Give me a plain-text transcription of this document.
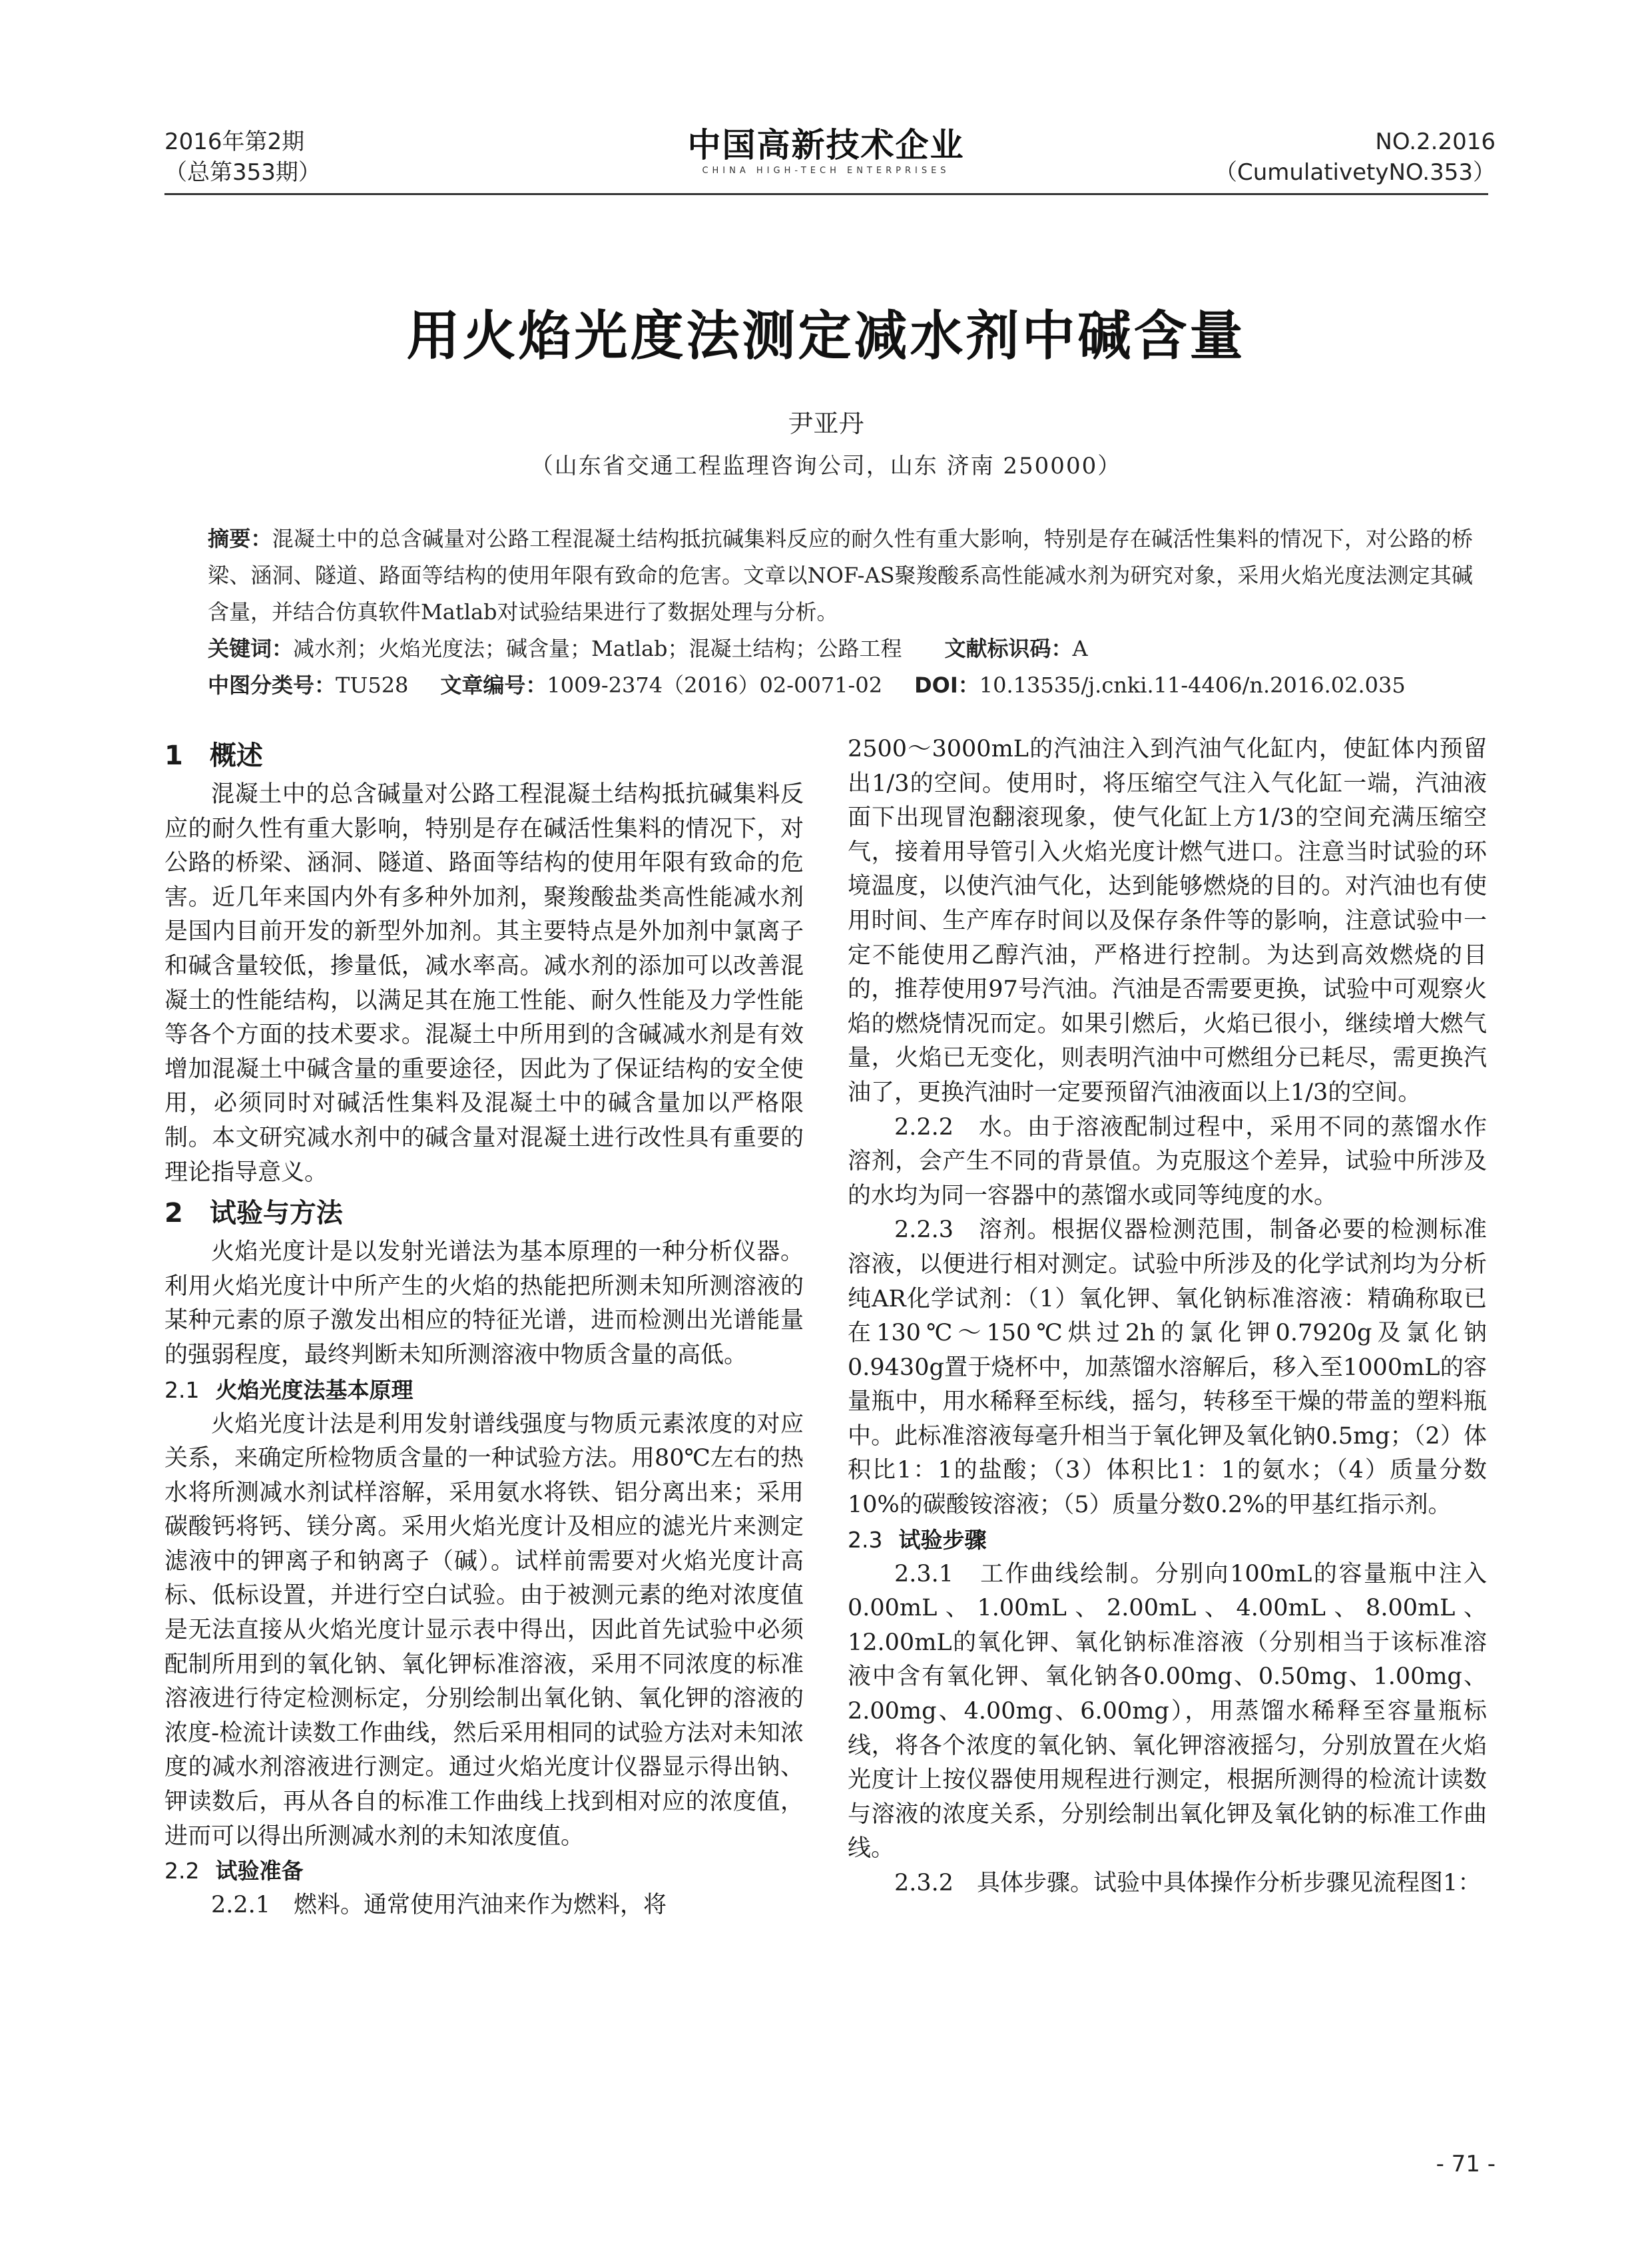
2016年第2期
（总第353期）
中国高新技术企业
CHINA HIGH-TECH ENTERPRISES
NO.2.2016
（CumulativetyNO.353）
用火焰光度法测定减水剂中碱含量
尹亚丹
（山东省交通工程监理咨询公司，山东 济南 250000）

摘要：混凝土中的总含碱量对公路工程混凝土结构抵抗碱集料反应的耐久性有重大影响，特别是存在碱活性集料的情况下，对公路的桥梁、涵洞、隧道、路面等结构的使用年限有致命的危害。文章以NOF-AS聚羧酸系高性能减水剂为研究对象，采用火焰光度法测定其碱含量，并结合仿真软件Matlab对试验结果进行了数据处理与分析。

关键词：减水剂；火焰光度法；碱含量；Matlab；混凝土结构；公路工程 文献标识码：A

中图分类号：TU528 文章编号：1009-2374（2016）02-0071-02 DOI：10.13535/j.cnki.11-4406/n.2016.02.035
1　概述

混凝土中的总含碱量对公路工程混凝土结构抵抗碱集料反应的耐久性有重大影响，特别是存在碱活性集料的情况下，对公路的桥梁、涵洞、隧道、路面等结构的使用年限有致命的危害。近几年来国内外有多种外加剂，聚羧酸盐类高性能减水剂是国内目前开发的新型外加剂。其主要特点是外加剂中氯离子和碱含量较低，掺量低，减水率高。减水剂的添加可以改善混凝土的性能结构，以满足其在施工性能、耐久性能及力学性能等各个方面的技术要求。混凝土中所用到的含碱减水剂是有效增加混凝土中碱含量的重要途径，因此为了保证结构的安全使用，必须同时对碱活性集料及混凝土中的碱含量加以严格限制。本文研究减水剂中的碱含量对混凝土进行改性具有重要的理论指导意义。

2　试验与方法

火焰光度计是以发射光谱法为基本原理的一种分析仪器。利用火焰光度计中所产生的火焰的热能把所测未知所测溶液的某种元素的原子激发出相应的特征光谱，进而检测出光谱能量的强弱程度，最终判断未知所测溶液中物质含量的高低。

2.1 火焰光度法基本原理

火焰光度计法是利用发射谱线强度与物质元素浓度的对应关系，来确定所检物质含量的一种试验方法。用80℃左右的热水将所测减水剂试样溶解，采用氨水将铁、铝分离出来；采用碳酸钙将钙、镁分离。采用火焰光度计及相应的滤光片来测定滤液中的钾离子和钠离子（碱）。试样前需要对火焰光度计高标、低标设置，并进行空白试验。由于被测元素的绝对浓度值是无法直接从火焰光度计显示表中得出，因此首先试验中必须配制所用到的氧化钠、氧化钾标准溶液，采用不同浓度的标准溶液进行待定检测标定，分别绘制出氧化钠、氧化钾的溶液的浓度-检流计读数工作曲线，然后采用相同的试验方法对未知浓度的减水剂溶液进行测定。通过火焰光度计仪器显示得出钠、钾读数后，再从各自的标准工作曲线上找到相对应的浓度值，进而可以得出所测减水剂的未知浓度值。

2.2 试验准备

2.2.1　燃料。通常使用汽油来作为燃料，将

2500～3000mL的汽油注入到汽油气化缸内，使缸体内预留出1/3的空间。使用时，将压缩空气注入气化缸一端，汽油液面下出现冒泡翻滚现象，使气化缸上方1/3的空间充满压缩空气，接着用导管引入火焰光度计燃气进口。注意当时试验的环境温度，以使汽油气化，达到能够燃烧的目的。对汽油也有使用时间、生产库存时间以及保存条件等的影响，注意试验中一定不能使用乙醇汽油，严格进行控制。为达到高效燃烧的目的，推荐使用97号汽油。汽油是否需要更换，试验中可观察火焰的燃烧情况而定。如果引燃后，火焰已很小，继续增大燃气量，火焰已无变化，则表明汽油中可燃组分已耗尽，需更换汽油了，更换汽油时一定要预留汽油液面以上1/3的空间。

2.2.2　水。由于溶液配制过程中，采用不同的蒸馏水作溶剂，会产生不同的背景值。为克服这个差异，试验中所涉及的水均为同一容器中的蒸馏水或同等纯度的水。

2.2.3　溶剂。根据仪器检测范围，制备必要的检测标准溶液，以便进行相对测定。试验中所涉及的化学试剂均为分析纯AR化学试剂：（1）氧化钾、氧化钠标准溶液：精确称取已在130℃～150℃烘过2h的氯化钾0.7920g及氯化钠0.9430g置于烧杯中，加蒸馏水溶解后，移入至1000mL的容量瓶中，用水稀释至标线，摇匀，转移至干燥的带盖的塑料瓶中。此标准溶液每毫升相当于氧化钾及氧化钠0.5mg；（2）体积比1：1的盐酸；（3）体积比1：1的氨水；（4）质量分数10%的碳酸铵溶液；（5）质量分数0.2%的甲基红指示剂。

2.3 试验步骤

2.3.1　工作曲线绘制。分别向100mL的容量瓶中注入0.00mL、1.00mL、2.00mL、4.00mL、8.00mL、12.00mL的氧化钾、氧化钠标准溶液（分别相当于该标准溶液中含有氧化钾、氧化钠各0.00mg、0.50mg、1.00mg、2.00mg、4.00mg、6.00mg），用蒸馏水稀释至容量瓶标线，将各个浓度的氧化钠、氧化钾溶液摇匀，分别放置在火焰光度计上按仪器使用规程进行测定，根据所测得的检流计读数与溶液的浓度关系，分别绘制出氧化钾及氧化钠的标准工作曲线。

2.3.2　具体步骤。试验中具体操作分析步骤见流程图1：

- 71 -
